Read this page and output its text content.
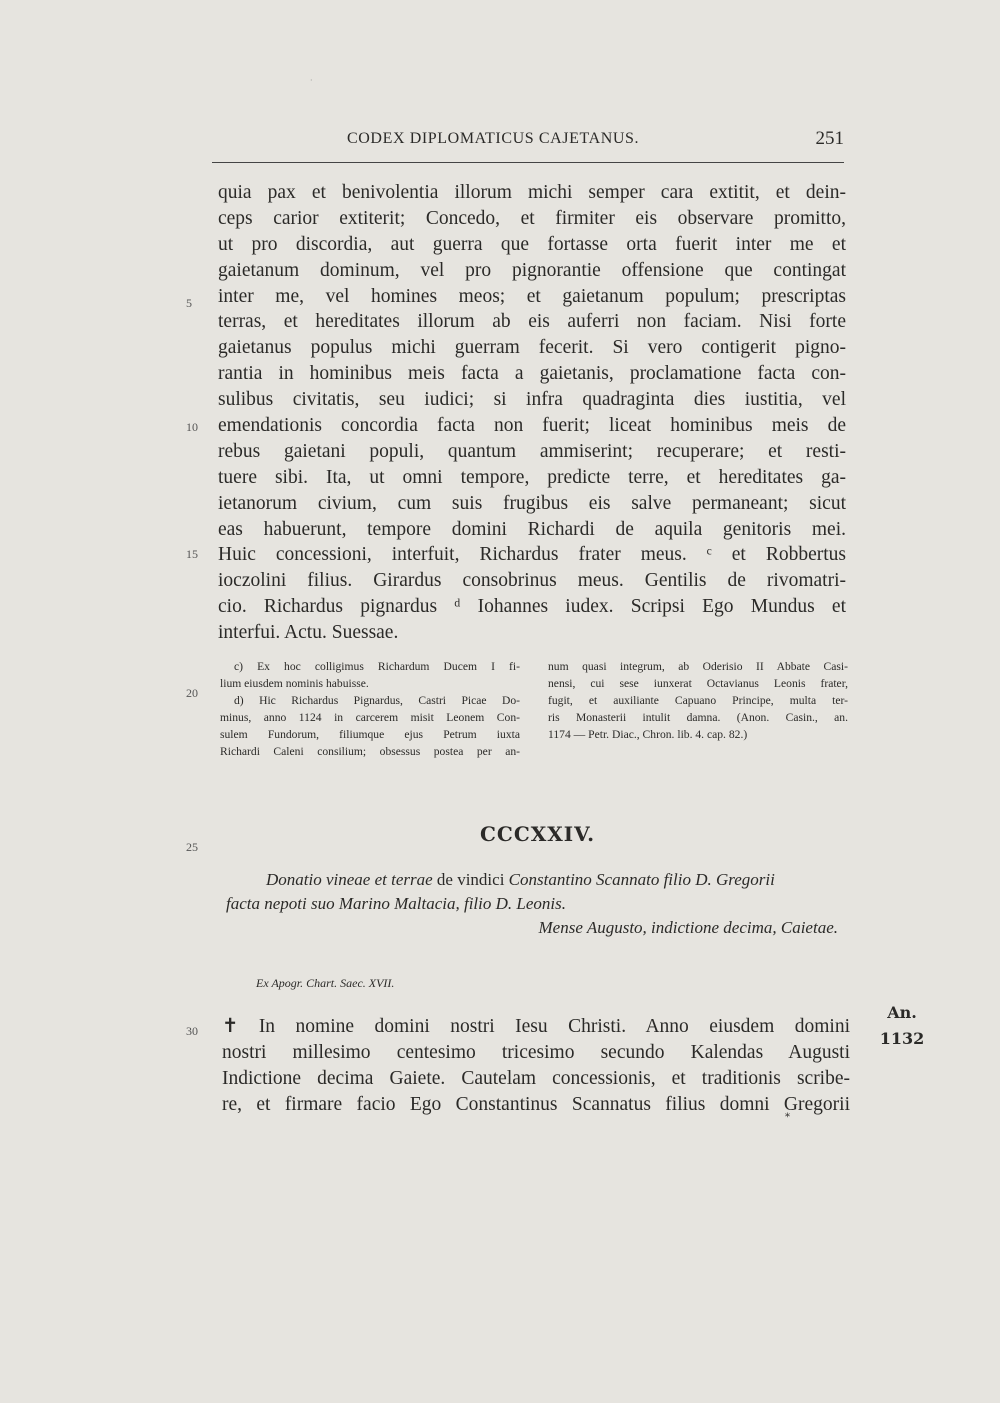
CODEX DIPLOMATICUS CAJETANUS.	251
·
quia pax et benivolentia illorum michi semper cara extitit, et dein-
ceps carior extiterit; Concedo, et firmiter eis observare promitto,
ut pro discordia, aut guerra que fortasse orta fuerit inter me et
gaietanum dominum, vel pro pignorantie offensione que contingat
inter me, vel homines meos; et gaietanum populum; prescriptas
terras, et hereditates illorum ab eis auferri non faciam. Nisi forte
gaietanus populus michi guerram fecerit. Si vero contigerit pigno-
rantia in hominibus meis facta a gaietanis, proclamatione facta con-
sulibus civitatis, seu iudici; si infra quadraginta dies iustitia, vel
emendationis concordia facta non fuerit; liceat hominibus meis de
rebus gaietani populi, quantum ammiserint; recuperare; et resti-
tuere sibi. Ita, ut omni tempore, predicte terre, et hereditates ga-
ietanorum civium, cum suis frugibus eis salve permaneant; sicut
eas habuerunt, tempore domini Richardi de aquila genitoris mei.
Huic concessioni, interfuit, Richardus frater meus. ᶜ et Robbertus
ioczolini filius. Girardus consobrinus meus. Gentilis de rivomatri-
cio. Richardus pignardus ᵈ Iohannes iudex. Scripsi Ego Mundus et
interfui. Actu. Suessae.
5
10
15
20
25
30
c) Ex hoc colligimus Richardum Ducem I fi-
lium eiusdem nominis habuisse.
d) Hic Richardus Pignardus, Castri Picae Do-
minus, anno 1124 in carcerem misit Leonem Con-
sulem Fundorum, filiumque ejus Petrum iuxta
Richardi Caleni consilium; obsessus postea per an-
num quasi integrum, ab Oderisio II Abbate Casi-
nensi, cui sese iunxerat Octavianus Leonis frater,
fugit, et auxiliante Capuano Principe, multa ter-
ris Monasterii intulit damna. (Anon. Casin., an.
1174 — Petr. Diac., Chron. lib. 4. cap. 82.)
CCCXXIV.
Donatio vineae et terrae de vindici Constantino Scannato filio D. Gregorii
facta nepoti suo Marino Maltacia, filio D. Leonis.
Mense Augusto, indictione decima, Caietae.
Ex Apogr. Chart. Saec. XVII.
✝ In nomine domini nostri Iesu Christi. Anno eiusdem domini
nostri millesimo centesimo tricesimo secundo Kalendas Augusti
Indictione decima Gaiete. Cautelam concessionis, et traditionis scribe-
re, et firmare facio Ego Constantinus Scannatus filius domni Gregorii
An.
1132
*
